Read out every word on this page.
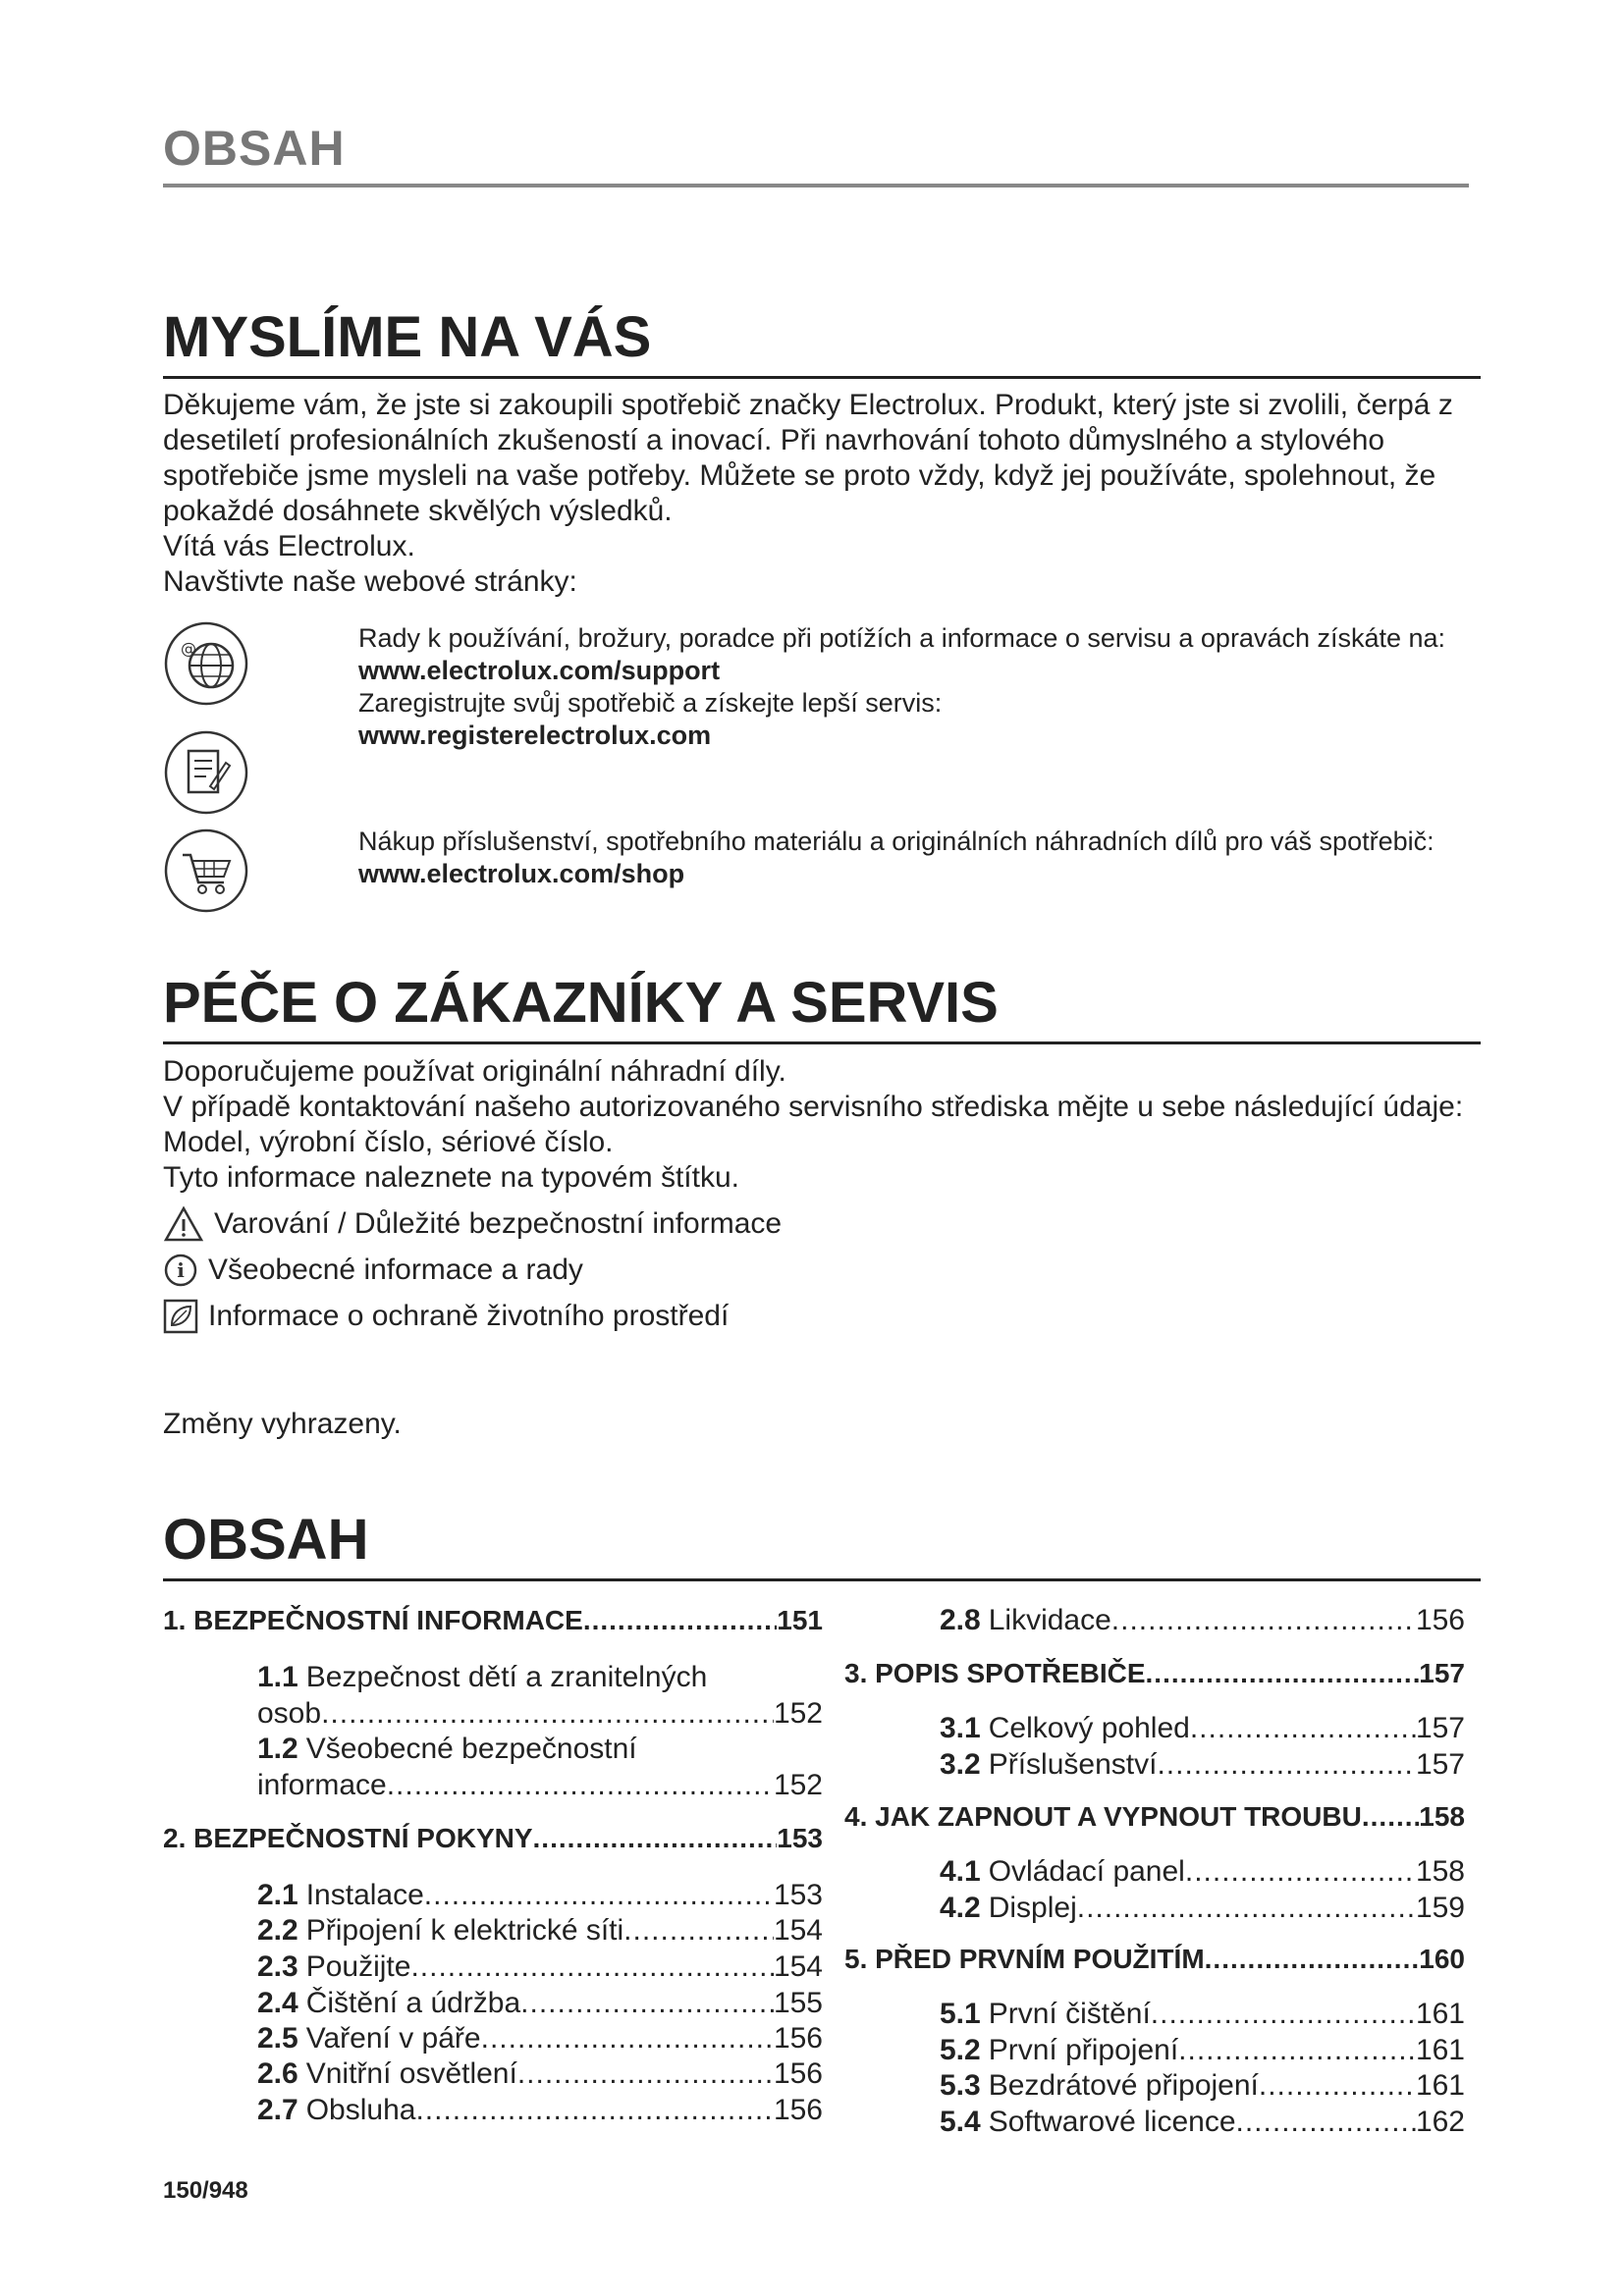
OBSAH
MYSLÍME NA VÁS

Děkujeme vám, že jste si zakoupili spotřebič značky Electrolux. Produkt, který jste si zvolili, čerpá z desetiletí profesionálních zkušeností a inovací. Při navrhování tohoto důmyslného a stylového spotřebiče jsme mysleli na vaše potřeby. Můžete se proto vždy, když jej používáte, spolehnout, že pokaždé dosáhnete skvělých výsledků.

Vítá vás Electrolux.

Navštivte naše webové stránky:

@	Rady k používání, brožury, poradce při potížích a informace o servisu a opravách získáte na:
www.electrolux.com/support
Zaregistrujte svůj spotřebič a získejte lepší servis:
www.registerelectrolux.com
Nákup příslušenství, spotřebního materiálu a originálních náhradních dílů pro váš spotřebič:
www.electrolux.com/shop
PÉČE O ZÁKAZNÍKY A SERVIS

Doporučujeme používat originální náhradní díly.

V případě kontaktování našeho autorizovaného servisního střediska mějte u sebe následující údaje: Model, výrobní číslo, sériové číslo.

Tyto informace naleznete na typovém štítku.

Varování / Důležité bezpečnostní informace
i Všeobecné informace a rady
Informace o ochraně životního prostředí
Změny vyhrazeny.
OBSAH
1. BEZPEČNOSTNÍ INFORMACE .....	151
1.1 Bezpečnost dětí a zranitelných
osob .....	152
1.2 Všeobecné bezpečnostní
informace .....	152
2. BEZPEČNOSTNÍ POKYNY .....	153
2.1 Instalace .....	153
2.2 Připojení k elektrické síti .....	154
2.3 Použijte .....	154
2.4 Čištění a údržba .....	155
2.5 Vaření v páře .....	156
2.6 Vnitřní osvětlení .....	156
2.7 Obsluha .....	156
2.8 Likvidace .....	156
3. POPIS SPOTŘEBIČE .....	157
3.1 Celkový pohled .....	157
3.2 Příslušenství .....	157
4. JAK ZAPNOUT A VYPNOUT TROUBU ..... 158
4.1 Ovládací panel .....	158
4.2 Displej .....	159
5. PŘED PRVNÍM POUŽITÍM .....	160
5.1 První čištění .....	161
5.2 První připojení .....	161
5.3 Bezdrátové připojení .....	161
5.4 Softwarové licence .....	162
150/948
